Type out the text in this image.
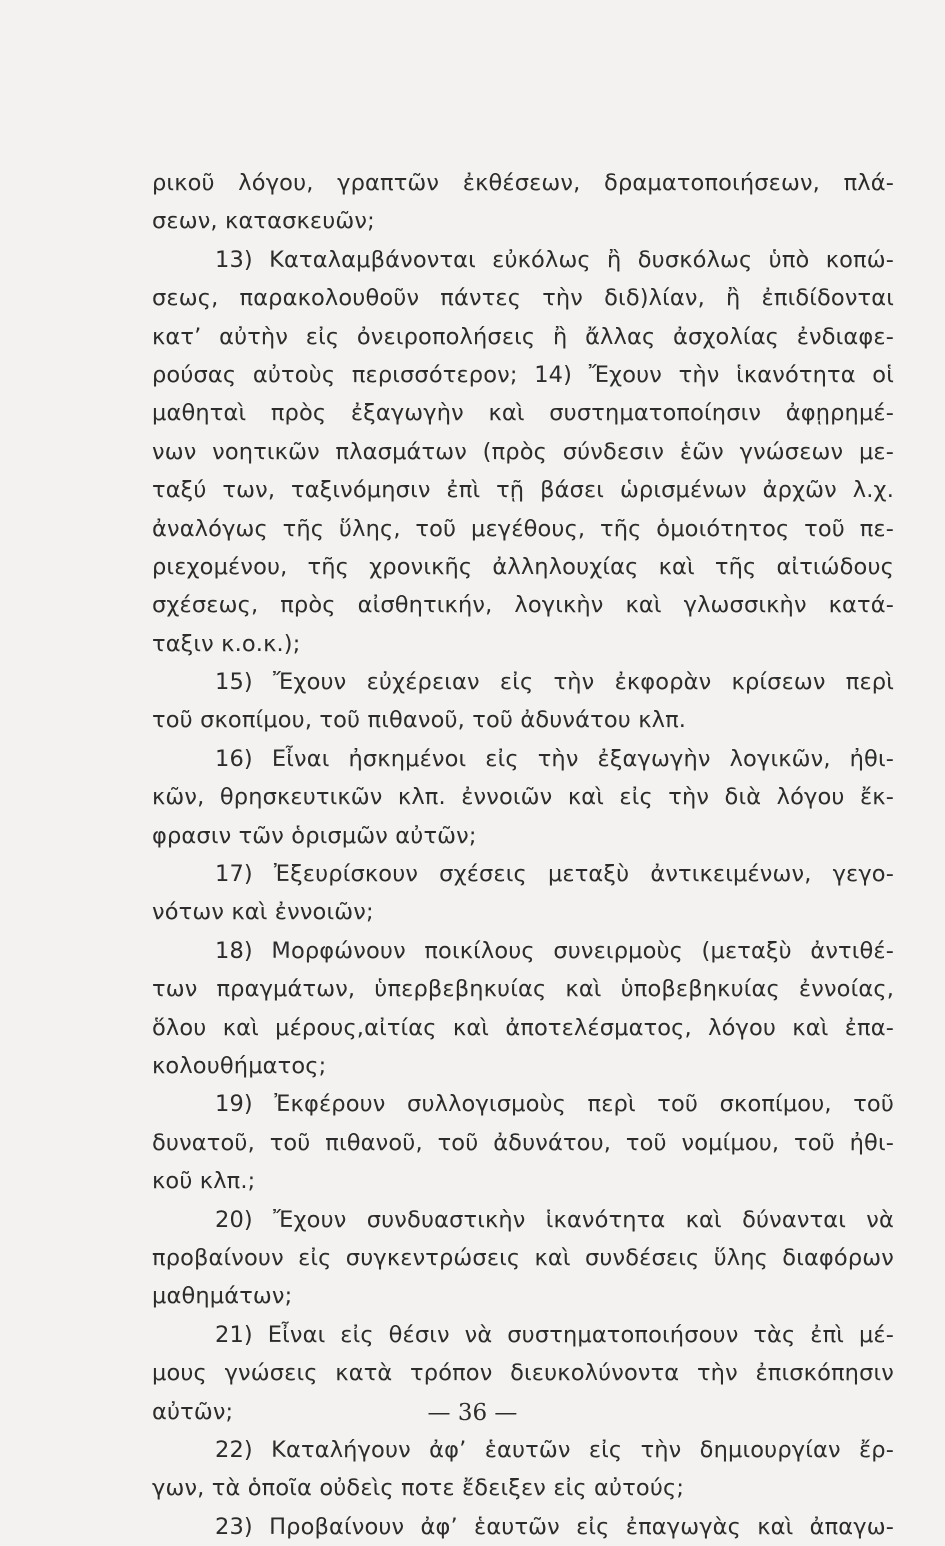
ρικοῦ λόγου, γραπτῶν ἐκθέσεων, δραματοποιήσεων, πλά-
σεων, κατασκευῶν;
13) Καταλαμβάνονται εὐκόλως ἢ δυσκόλως ὑπὸ κοπώ-
σεως, παρακολουθοῦν πάντες τὴν διδ)λίαν, ἢ ἐπιδίδονται
κατ’ αὐτὴν εἰς ὀνειροπολήσεις ἢ ἄλλας ἀσχολίας ἐνδιαφε-
ρούσας αὐτοὺς περισσότερον; 14) Ἔχουν τὴν ἱκανότητα οἱ
μαθηταὶ πρὸς ἐξαγωγὴν καὶ συστηματοποίησιν ἀφῃρημέ-
νων νοητικῶν πλασμάτων (πρὸς σύνδεσιν ἑῶν γνώσεων με-
ταξύ των, ταξινόμησιν ἐπὶ τῇ βάσει ὡρισμένων ἀρχῶν λ.χ.
ἀναλόγως τῆς ὕλης, τοῦ μεγέθους, τῆς ὁμοιότητος τοῦ πε-
ριεχομένου, τῆς χρονικῆς ἀλληλουχίας καὶ τῆς αἰτιώδους
σχέσεως, πρὸς αἰσθητικήν, λογικὴν καὶ γλωσσικὴν κατά-
ταξιν κ.ο.κ.);
15) Ἔχουν εὐχέρειαν εἰς τὴν ἐκφορὰν κρίσεων περὶ
τοῦ σκοπίμου, τοῦ πιθανοῦ, τοῦ ἀδυνάτου κλπ.
16) Εἶναι ἠσκημένοι εἰς τὴν ἐξαγωγὴν λογικῶν, ἠθι-
κῶν, θρησκευτικῶν κλπ. ἐννοιῶν καὶ εἰς τὴν διὰ λόγου ἔκ-
φρασιν τῶν ὁρισμῶν αὐτῶν;
17) Ἐξευρίσκουν σχέσεις μεταξὺ ἀντικειμένων, γεγο-
νότων καὶ ἐννοιῶν;
18) Μορφώνουν ποικίλους συνειρμοὺς (μεταξὺ ἀντιθέ-
των πραγμάτων, ὑπερβεβηκυίας καὶ ὑποβεβηκυίας ἐννοίας,
ὅλου καὶ μέρους,αἰτίας καὶ ἀποτελέσματος, λόγου καὶ ἐπα-
κολουθήματος;
19) Ἐκφέρουν συλλογισμοὺς περὶ τοῦ σκοπίμου, τοῦ
δυνατοῦ, τοῦ πιθανοῦ, τοῦ ἀδυνάτου, τοῦ νομίμου, τοῦ ἠθι-
κοῦ κλπ.;
20) Ἔχουν συνδυαστικὴν ἱκανότητα καὶ δύνανται νὰ
προβαίνουν εἰς συγκεντρώσεις καὶ συνδέσεις ὕλης διαφόρων
μαθημάτων;
21) Εἶναι εἰς θέσιν νὰ συστηματοποιήσουν τὰς ἐπὶ μέ-
μους γνώσεις κατὰ τρόπον διευκολύνοντα τὴν ἐπισκόπησιν
αὐτῶν;
22) Καταλήγουν ἀφ’ ἑαυτῶν εἰς τὴν δημιουργίαν ἔρ-
γων, τὰ ὁποῖα οὐδεὶς ποτε ἔδειξεν εἰς αὐτούς;
23) Προβαίνουν ἀφ’ ἑαυτῶν εἰς ἐπαγωγὰς καὶ ἀπαγω-
— 36 —
